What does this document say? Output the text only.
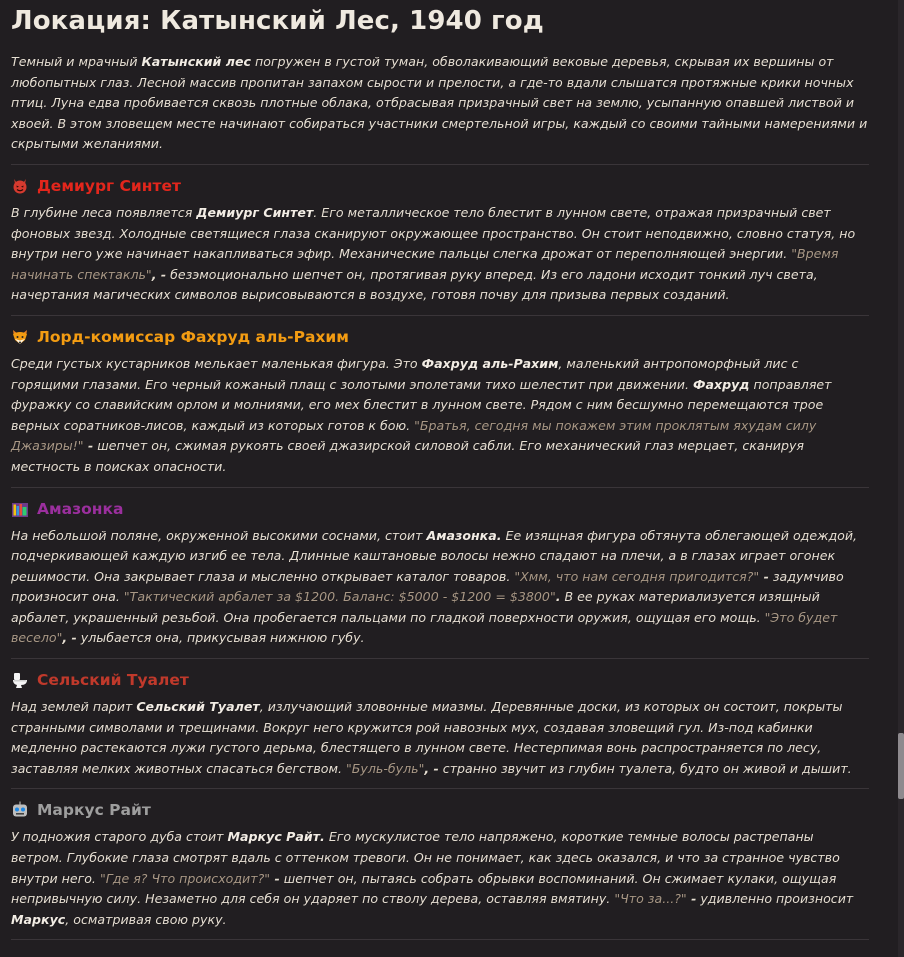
Локация: Катынский Лес, 1940 год

Темный и мрачный Катынский лес погружен в густой туман, обволакивающий вековые деревья, скрывая их вершины от любопытных глаз. Лесной массив пропитан запахом сырости и прелости, а где-то вдали слышатся протяжные крики ночных птиц. Луна едва пробивается сквозь плотные облака, отбрасывая призрачный свет на землю, усыпанную опавшей листвой и хвоей. В этом зловещем месте начинают собираться участники смертельной игры, каждый со своими тайными намерениями и скрытыми желаниями.

Демиург Синтет

В глубине леса появляется Демиург Синтет. Его металлическое тело блестит в лунном свете, отражая призрачный свет фоновых звезд. Холодные светящиеся глаза сканируют окружающее пространство. Он стоит неподвижно, словно статуя, но внутри него уже начинает накапливаться эфир. Механические пальцы слегка дрожат от переполняющей энергии. "Время начинать спектакль", - безэмоционально шепчет он, протягивая руку вперед. Из его ладони исходит тонкий луч света, начертания магических символов вырисовываются в воздухе, готовя почву для призыва первых созданий.

Лорд-комиссар Фахруд аль-Рахим

Среди густых кустарников мелькает маленькая фигура. Это Фахруд аль-Рахим, маленький антропоморфный лис с горящими глазами. Его черный кожаный плащ с золотыми эполетами тихо шелестит при движении. Фахруд поправляет фуражку со славийским орлом и молниями, его мех блестит в лунном свете. Рядом с ним бесшумно перемещаются трое верных соратников-лисов, каждый из которых готов к бою. "Братья, сегодня мы покажем этим проклятым яхудам силу Джазиры!" - шепчет он, сжимая рукоять своей джазирской силовой сабли. Его механический глаз мерцает, сканируя местность в поисках опасности.

Амазонка

На небольшой поляне, окруженной высокими соснами, стоит Амазонка. Ее изящная фигура обтянута облегающей одеждой, подчеркивающей каждую изгиб ее тела. Длинные каштановые волосы нежно спадают на плечи, а в глазах играет огонек решимости. Она закрывает глаза и мысленно открывает каталог товаров. "Хмм, что нам сегодня пригодится?" - задумчиво произносит она. "Тактический арбалет за $1200. Баланс: $5000 - $1200 = $3800". В ее руках материализуется изящный арбалет, украшенный резьбой. Она пробегается пальцами по гладкой поверхности оружия, ощущая его мощь. "Это будет весело", - улыбается она, прикусывая нижнюю губу.

Сельский Туалет

Над землей парит Сельский Туалет, излучающий зловонные миазмы. Деревянные доски, из которых он состоит, покрыты странными символами и трещинами. Вокруг него кружится рой навозных мух, создавая зловещий гул. Из-под кабинки медленно растекаются лужи густого дерьма, блестящего в лунном свете. Нестерпимая вонь распространяется по лесу, заставляя мелких животных спасаться бегством. "Буль-буль", - странно звучит из глубин туалета, будто он живой и дышит.

Маркус Райт

У подножия старого дуба стоит Маркус Райт. Его мускулистое тело напряжено, короткие темные волосы растрепаны ветром. Глубокие глаза смотрят вдаль с оттенком тревоги. Он не понимает, как здесь оказался, и что за странное чувство внутри него. "Где я? Что происходит?" - шепчет он, пытаясь собрать обрывки воспоминаний. Он сжимает кулаки, ощущая непривычную силу. Незаметно для себя он ударяет по стволу дерева, оставляя вмятину. "Что за...?" - удивленно произносит Маркус, осматривая свою руку.
